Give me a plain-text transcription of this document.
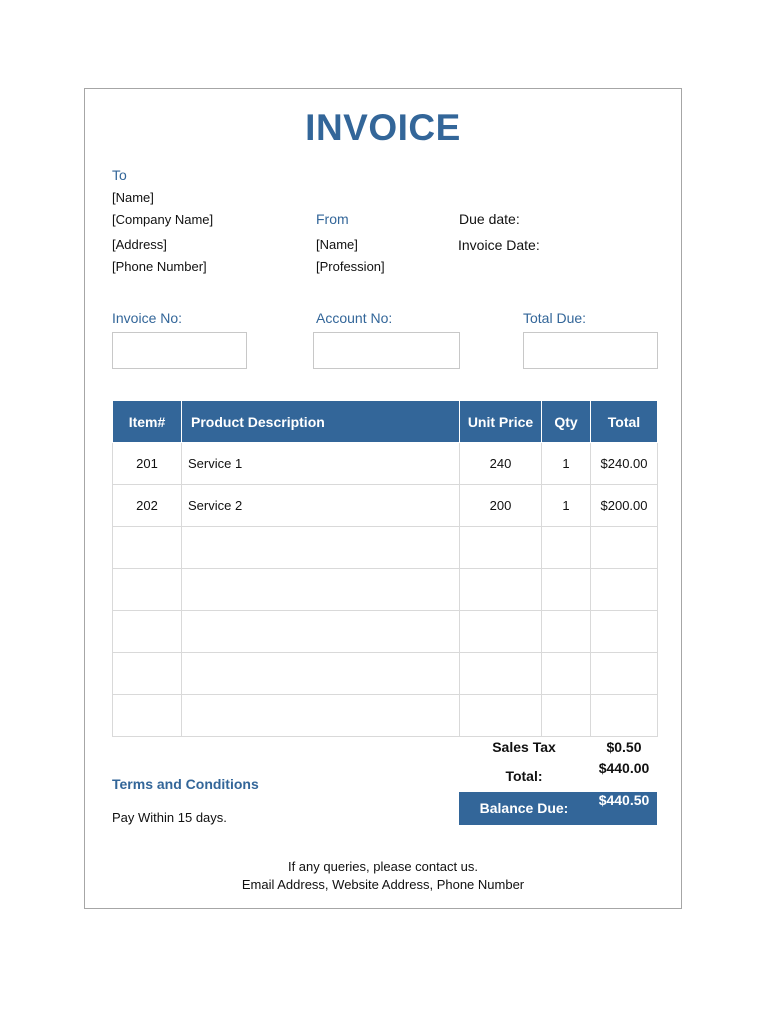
INVOICE
To
[Name]
[Company Name]
[Address]
[Phone Number]
From
[Name]
[Profession]
Due date:
Invoice Date:
Invoice No:	Account No:	Total Due:
Item#	Product Description	Unit Price	Qty	Total
201	Service 1	240	1	$240.00
202	Service 2	200	1	$200.00

Sales Tax	$0.50
Total:	$440.00
Balance Due:	$440.50
Terms and Conditions
Pay Within 15 days.
If any queries, please contact us.
Email Address, Website Address, Phone Number
